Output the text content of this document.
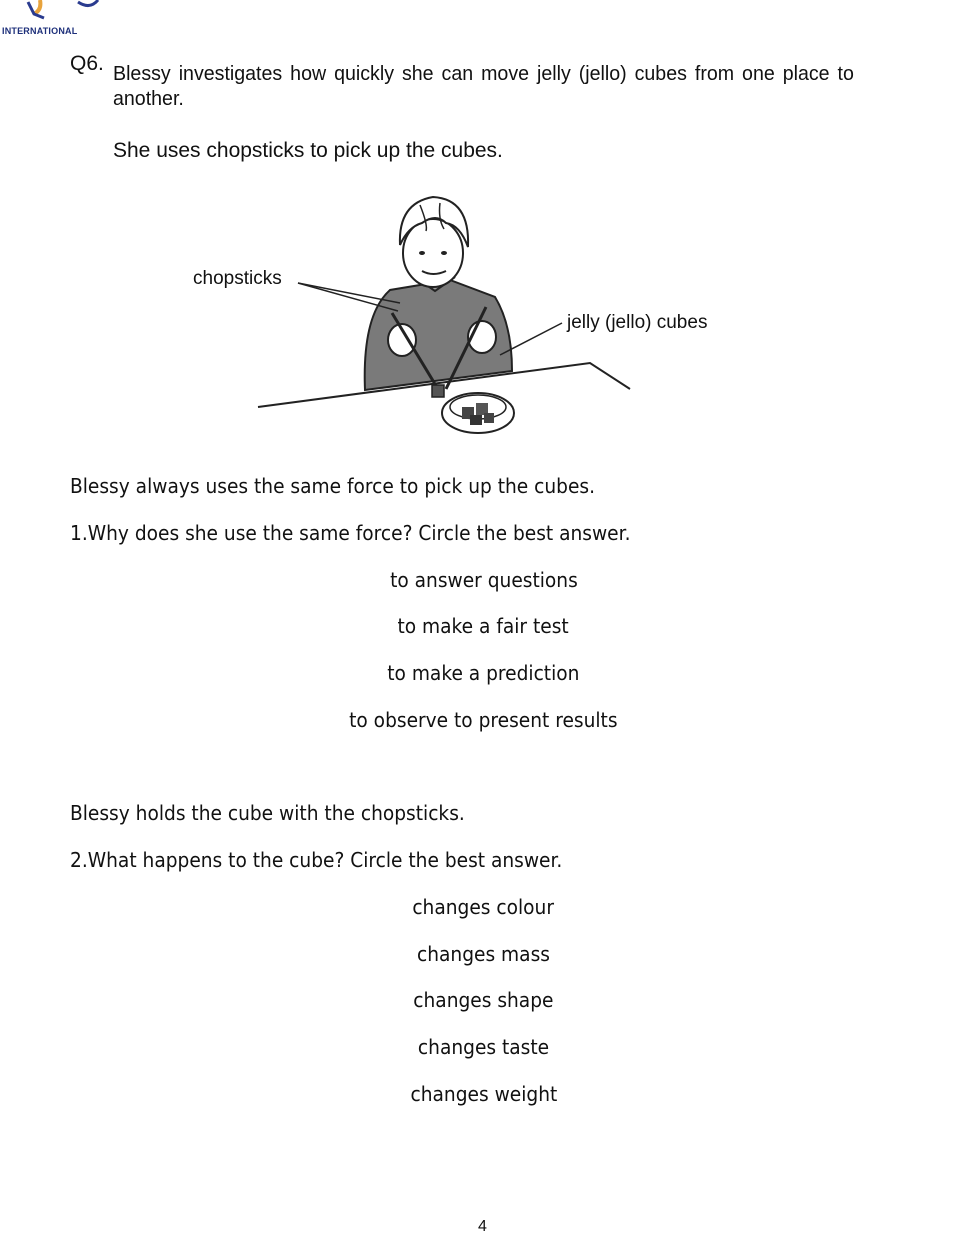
INTERNATIONAL
Q6. Blessy investigates how quickly she can move jelly (jello) cubes from one place to another.
She uses chopsticks to pick up the cubes.
chopsticks
jelly (jello) cubes
Blessy always uses the same force to pick up the cubes.
1.Why does she use the same force? Circle the best answer.
to answer questions
to make a fair test
to make a prediction
to observe to present results
Blessy holds the cube with the chopsticks.
2.What happens to the cube? Circle the best answer.
changes colour
changes mass
changes shape
changes taste
changes weight
4
